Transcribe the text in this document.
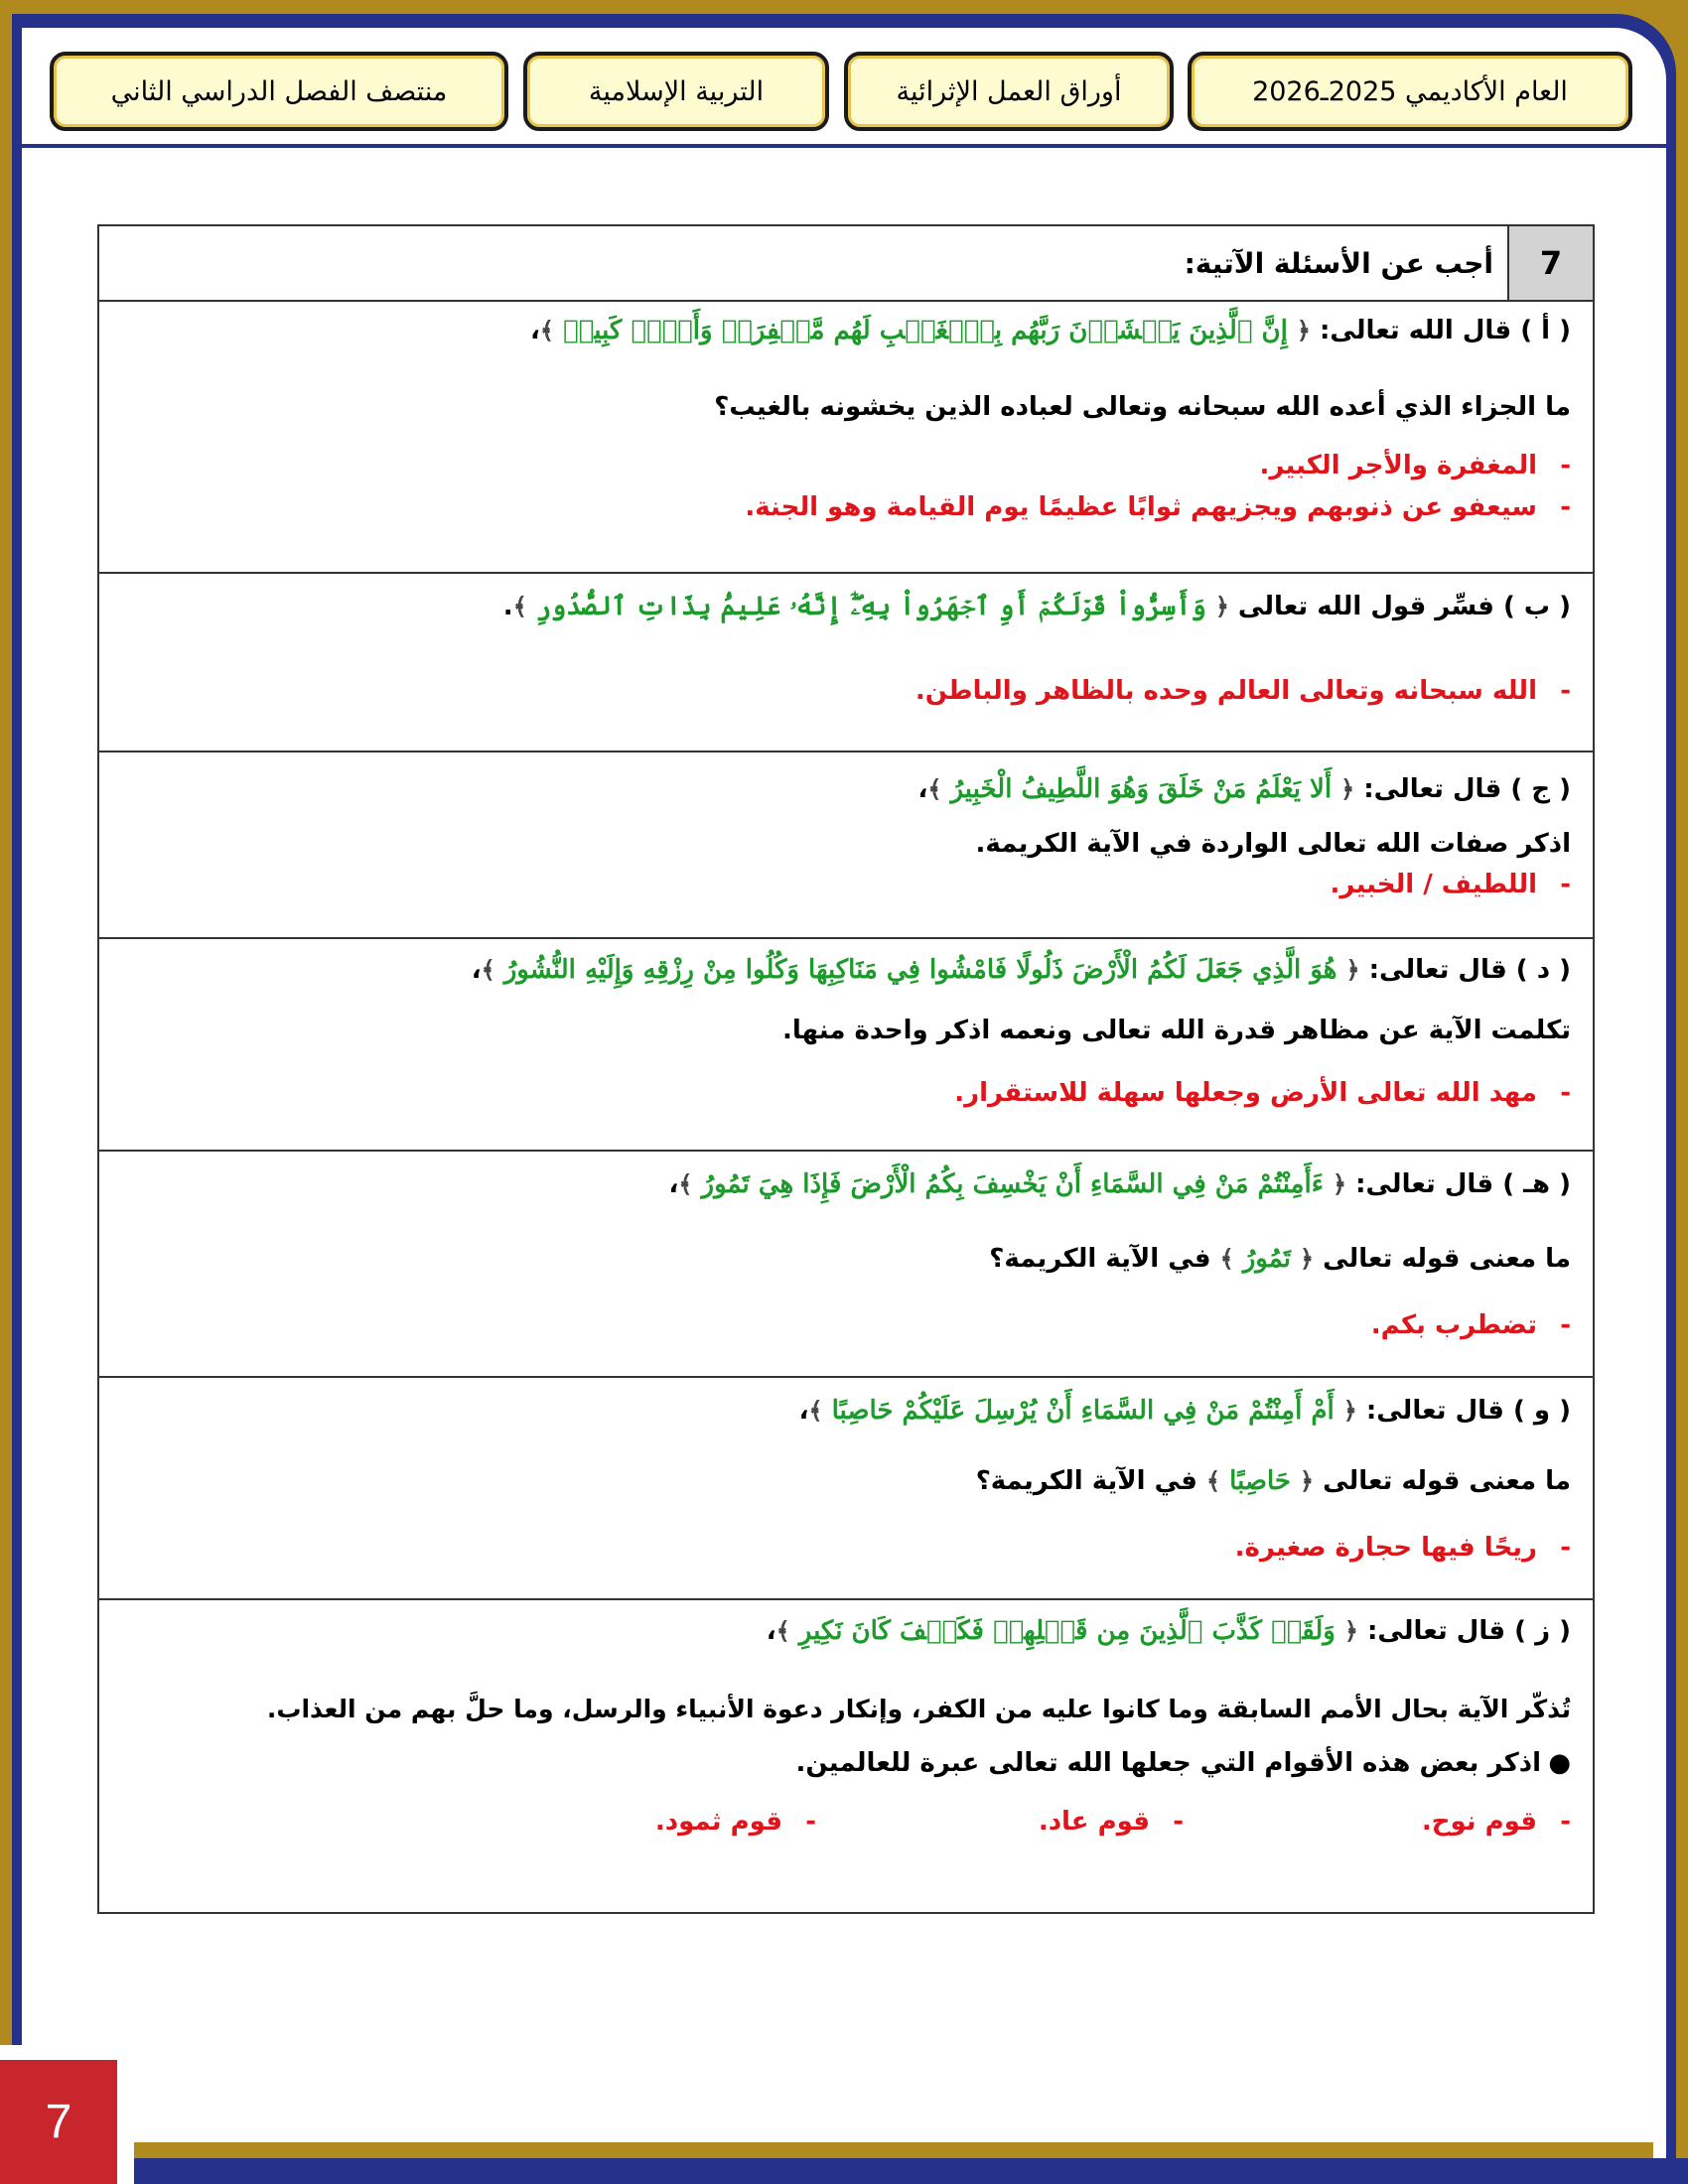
العام الأكاديمي 2025ـ2026
أوراق العمل الإثرائية
التربية الإسلامية
منتصف الفصل الدراسي الثاني
7	أجب عن الأسئلة الآتية:

( أ ) قال الله تعالى: ﴿ إِنَّ ٱلَّذِينَ يَخۡشَوۡنَ رَبَّهُم بِٱلۡغَيۡبِ لَهُم مَّغۡفِرَةٞ وَأَجۡرٞ كَبِيرٞ ﴾،
ما الجزاء الذي أعده الله سبحانه وتعالى لعباده الذين يخشونه بالغيب؟
-المغفرة والأجر الكبير.
-سيعفو عن ذنوبهم ويجزيهم ثوابًا عظيمًا يوم القيامة وهو الجنة.

( ب ) فسِّر قول الله تعالى ﴿ وَأَسِرُّواْ قَوۡلَكُمۡ أَوِ ٱجۡهَرُواْ بِهِۦٓۖ إِنَّهُۥ عَلِيمُۢ بِذَاتِ ٱلصُّدُورِ ﴾.
-الله سبحانه وتعالى العالم وحده بالظاهر والباطن.

( ج ) قال تعالى: ﴿ أَلا يَعْلَمُ مَنْ خَلَقَ وَهُوَ اللَّطِيفُ الْخَبِيرُ ﴾،
اذكر صفات الله تعالى الواردة في الآية الكريمة.
-اللطيف / الخبير.

( د ) قال تعالى: ﴿ هُوَ الَّذِي جَعَلَ لَكُمُ الْأَرْضَ ذَلُولًا فَامْشُوا فِي مَنَاكِبِهَا وَكُلُوا مِنْ رِزْقِهِ وَإِلَيْهِ النُّشُورُ ﴾،
تكلمت الآية عن مظاهر قدرة الله تعالى ونعمه اذكر واحدة منها.
-مهد الله تعالى الأرض وجعلها سهلة للاستقرار.

( هـ ) قال تعالى: ﴿ ءَأَمِنْتُمْ مَنْ فِي السَّمَاءِ أَنْ يَخْسِفَ بِكُمُ الْأَرْضَ فَإِذَا هِيَ تَمُورُ ﴾،
ما معنى قوله تعالى ﴿ تَمُورُ ﴾ في الآية الكريمة؟
-تضطرب بكم.

( و ) قال تعالى: ﴿ أَمْ أَمِنْتُمْ مَنْ فِي السَّمَاءِ أَنْ يُرْسِلَ عَلَيْكُمْ حَاصِبًا ﴾،
ما معنى قوله تعالى ﴿ حَاصِبًا ﴾ في الآية الكريمة؟
-ريحًا فيها حجارة صغيرة.

( ز ) قال تعالى: ﴿ وَلَقَدۡ كَذَّبَ ٱلَّذِينَ مِن قَبۡلِهِمۡ فَكَيۡفَ كَانَ نَكِيرِ ﴾،
تُذكّر الآية بحال الأمم السابقة وما كانوا عليه من الكفر، وإنكار دعوة الأنبياء والرسل، وما حلَّ بهم من العذاب.
●اذكر بعض هذه الأقوام التي جعلها الله تعالى عبرة للعالمين.
-قوم نوح.
-قوم عاد.
-قوم ثمود.
7
